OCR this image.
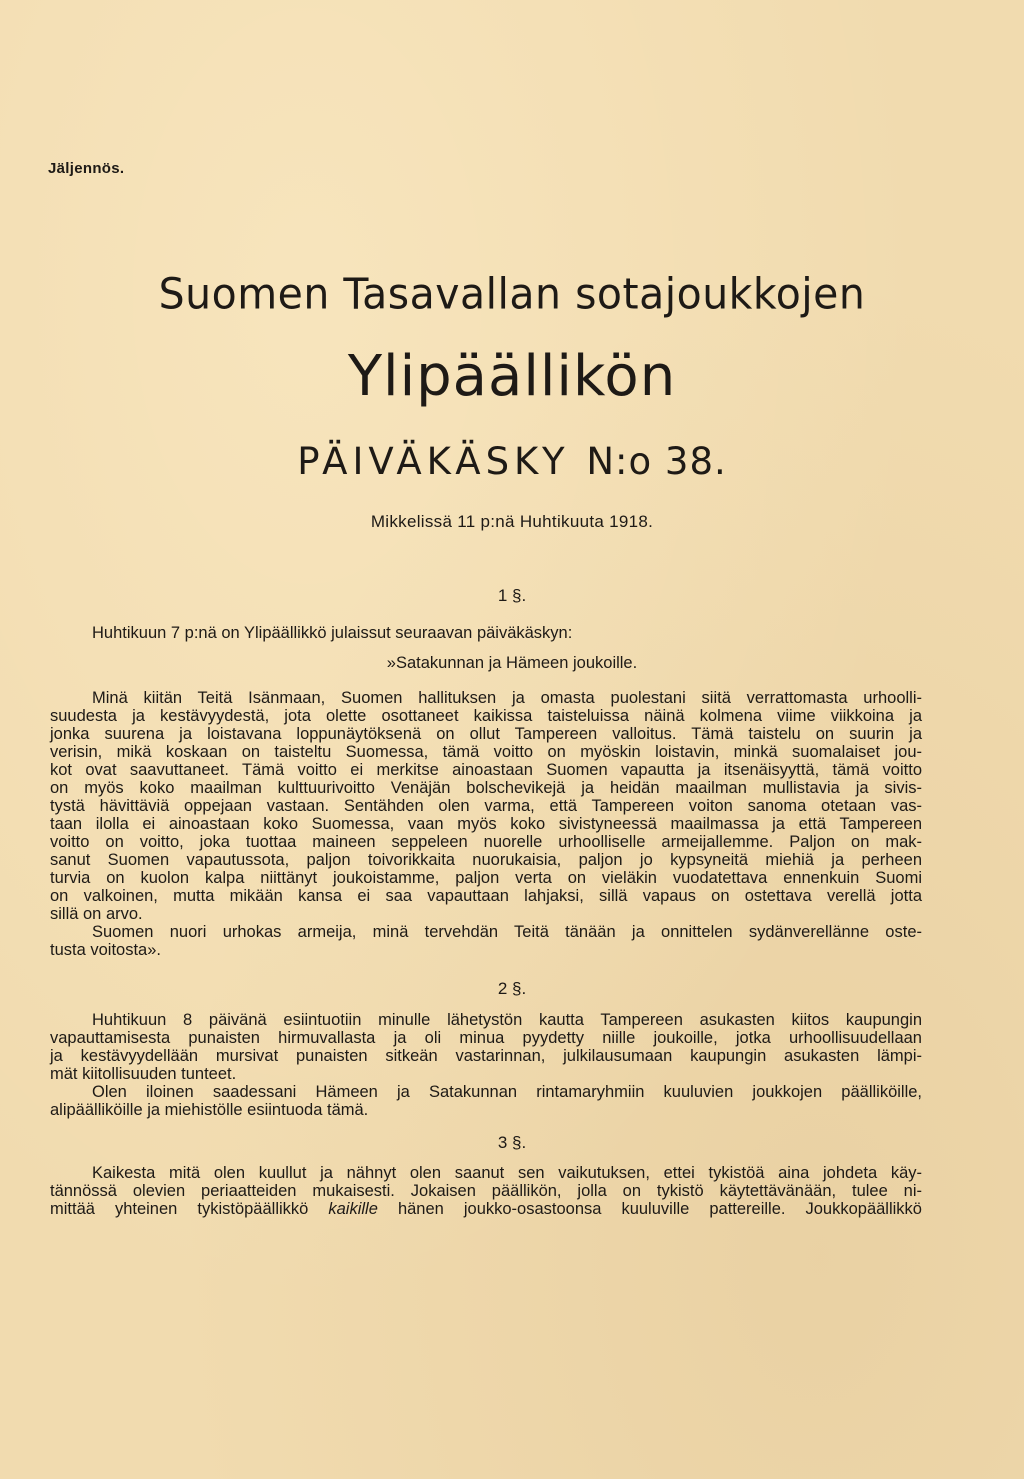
Jäljennös.
Suomen Tasavallan sotajoukkojen
Ylipäällikön
PÄIVÄKÄSKY N:o 38.
Mikkelissä 11 p:nä Huhtikuuta 1918.
1 §.
Huhtikuun 7 p:nä on Ylipäällikkö julaissut seuraavan päiväkäskyn:
»Satakunnan ja Hämeen joukoille.
Minä kiitän Teitä Isänmaan, Suomen hallituksen ja omasta puolestani siitä verrattomasta urhoolli-
suudesta ja kestävyydestä, jota olette osottaneet kaikissa taisteluissa näinä kolmena viime viikkoina ja
jonka suurena ja loistavana loppunäytöksenä on ollut Tampereen valloitus. Tämä taistelu on suurin ja
verisin, mikä koskaan on taisteltu Suomessa, tämä voitto on myöskin loistavin, minkä suomalaiset jou-
kot ovat saavuttaneet. Tämä voitto ei merkitse ainoastaan Suomen vapautta ja itsenäisyyttä, tämä voitto
on myös koko maailman kulttuurivoitto Venäjän bolschevikejä ja heidän maailman mullistavia ja sivis-
tystä hävittäviä oppejaan vastaan. Sentähden olen varma, että Tampereen voiton sanoma otetaan vas-
taan ilolla ei ainoastaan koko Suomessa, vaan myös koko sivistyneessä maailmassa ja että Tampereen
voitto on voitto, joka tuottaa maineen seppeleen nuorelle urhoolliselle armeijallemme. Paljon on mak-
sanut Suomen vapautussota, paljon toivorikkaita nuorukaisia, paljon jo kypsyneitä miehiä ja perheen
turvia on kuolon kalpa niittänyt joukoistamme, paljon verta on vieläkin vuodatettava ennenkuin Suomi
on valkoinen, mutta mikään kansa ei saa vapauttaan lahjaksi, sillä vapaus on ostettava verellä jotta
sillä on arvo.
Suomen nuori urhokas armeija, minä tervehdän Teitä tänään ja onnittelen sydänverellänne oste-
tusta voitosta».
2 §.
Huhtikuun 8 päivänä esiintuotiin minulle lähetystön kautta Tampereen asukasten kiitos kaupungin
vapauttamisesta punaisten hirmuvallasta ja oli minua pyydetty niille joukoille, jotka urhoollisuudellaan
ja kestävyydellään mursivat punaisten sitkeän vastarinnan, julkilausumaan kaupungin asukasten lämpi-
mät kiitollisuuden tunteet.
Olen iloinen saadessani Hämeen ja Satakunnan rintamaryhmiin kuuluvien joukkojen päälliköille,
alipäälliköille ja miehistölle esiintuoda tämä.
3 §.
Kaikesta mitä olen kuullut ja nähnyt olen saanut sen vaikutuksen, ettei tykistöä aina johdeta käy-
tännössä olevien periaatteiden mukaisesti. Jokaisen päällikön, jolla on tykistö käytettävänään, tulee ni-
mittää yhteinen tykistöpäällikkö kaikille hänen joukko-osastoonsa kuuluville pattereille. Joukkopäällikkö
